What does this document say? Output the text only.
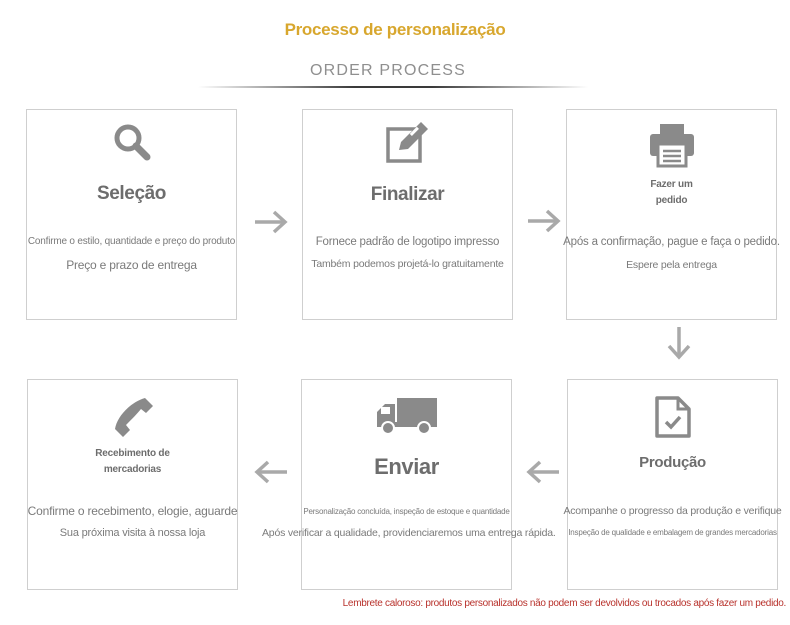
Processo de personalização
ORDER PROCESS
Seleção
Confirme o estilo, quantidade e preço do produto
Preço e prazo de entrega
Finalizar
Fornece padrão de logotipo impresso
Também podemos projetá-lo gratuitamente
Fazer um
pedido
Após a confirmação, pague e faça o pedido.
Espere pela entrega
Produção
Acompanhe o progresso da produção e verifique
Inspeção de qualidade e embalagem de grandes mercadorias
Enviar
Personalização concluída, inspeção de estoque e quantidade
Após verificar a qualidade, providenciaremos uma entrega rápida.
Recebimento de
mercadorias
Confirme o recebimento, elogie, aguarde
Sua próxima visita à nossa loja
Lembrete caloroso: produtos personalizados não podem ser devolvidos ou trocados após fazer um pedido.
